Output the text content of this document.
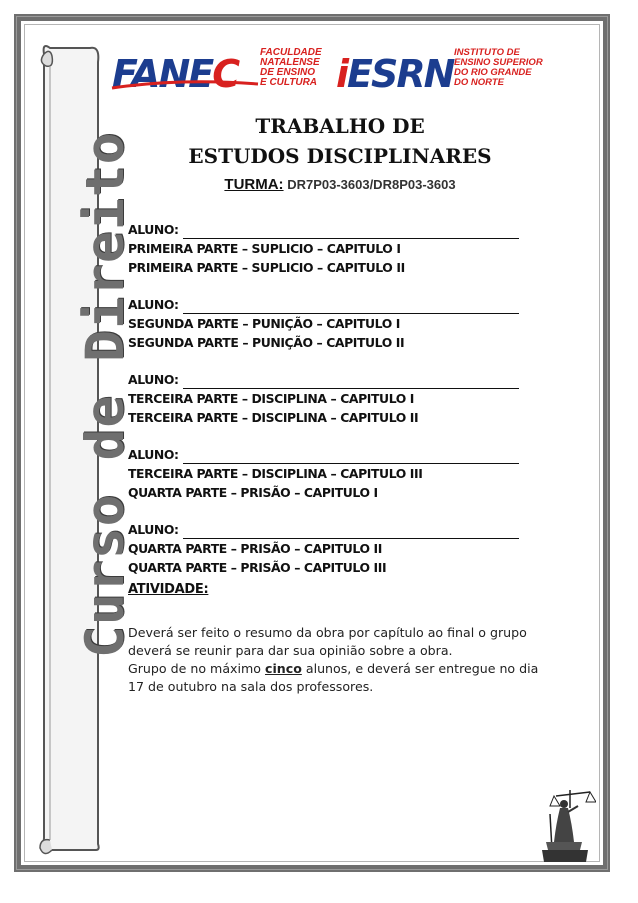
Curso de Direito
FANEC FACULDADE
NATALENSE
DE ENSINO
E CULTURA iESRN INSTITUTO DE
ENSINO SUPERIOR
DO RIO GRANDE
DO NORTE
TRABALHO DE
ESTUDOS DISCIPLINARES
TURMA: DR7P03-3603/DR8P03-3603
ALUNO:
PRIMEIRA PARTE – SUPLICIO – CAPITULO I
PRIMEIRA PARTE – SUPLICIO – CAPITULO II
ALUNO:
SEGUNDA PARTE – PUNIÇÃO – CAPITULO I
SEGUNDA PARTE – PUNIÇÃO – CAPITULO II
ALUNO:
TERCEIRA PARTE – DISCIPLINA – CAPITULO I
TERCEIRA PARTE – DISCIPLINA – CAPITULO II
ALUNO:
TERCEIRA PARTE – DISCIPLINA – CAPITULO III
QUARTA PARTE – PRISÃO – CAPITULO I
ALUNO:
QUARTA PARTE – PRISÃO – CAPITULO II
QUARTA PARTE – PRISÃO – CAPITULO III
ATIVIDADE:

Deverá ser feito o resumo da obra por capítulo ao final o grupo deverá se reunir para dar sua opinião sobre a obra.

Grupo de no máximo cinco alunos, e deverá ser entregue no dia 17 de outubro na sala dos professores.
